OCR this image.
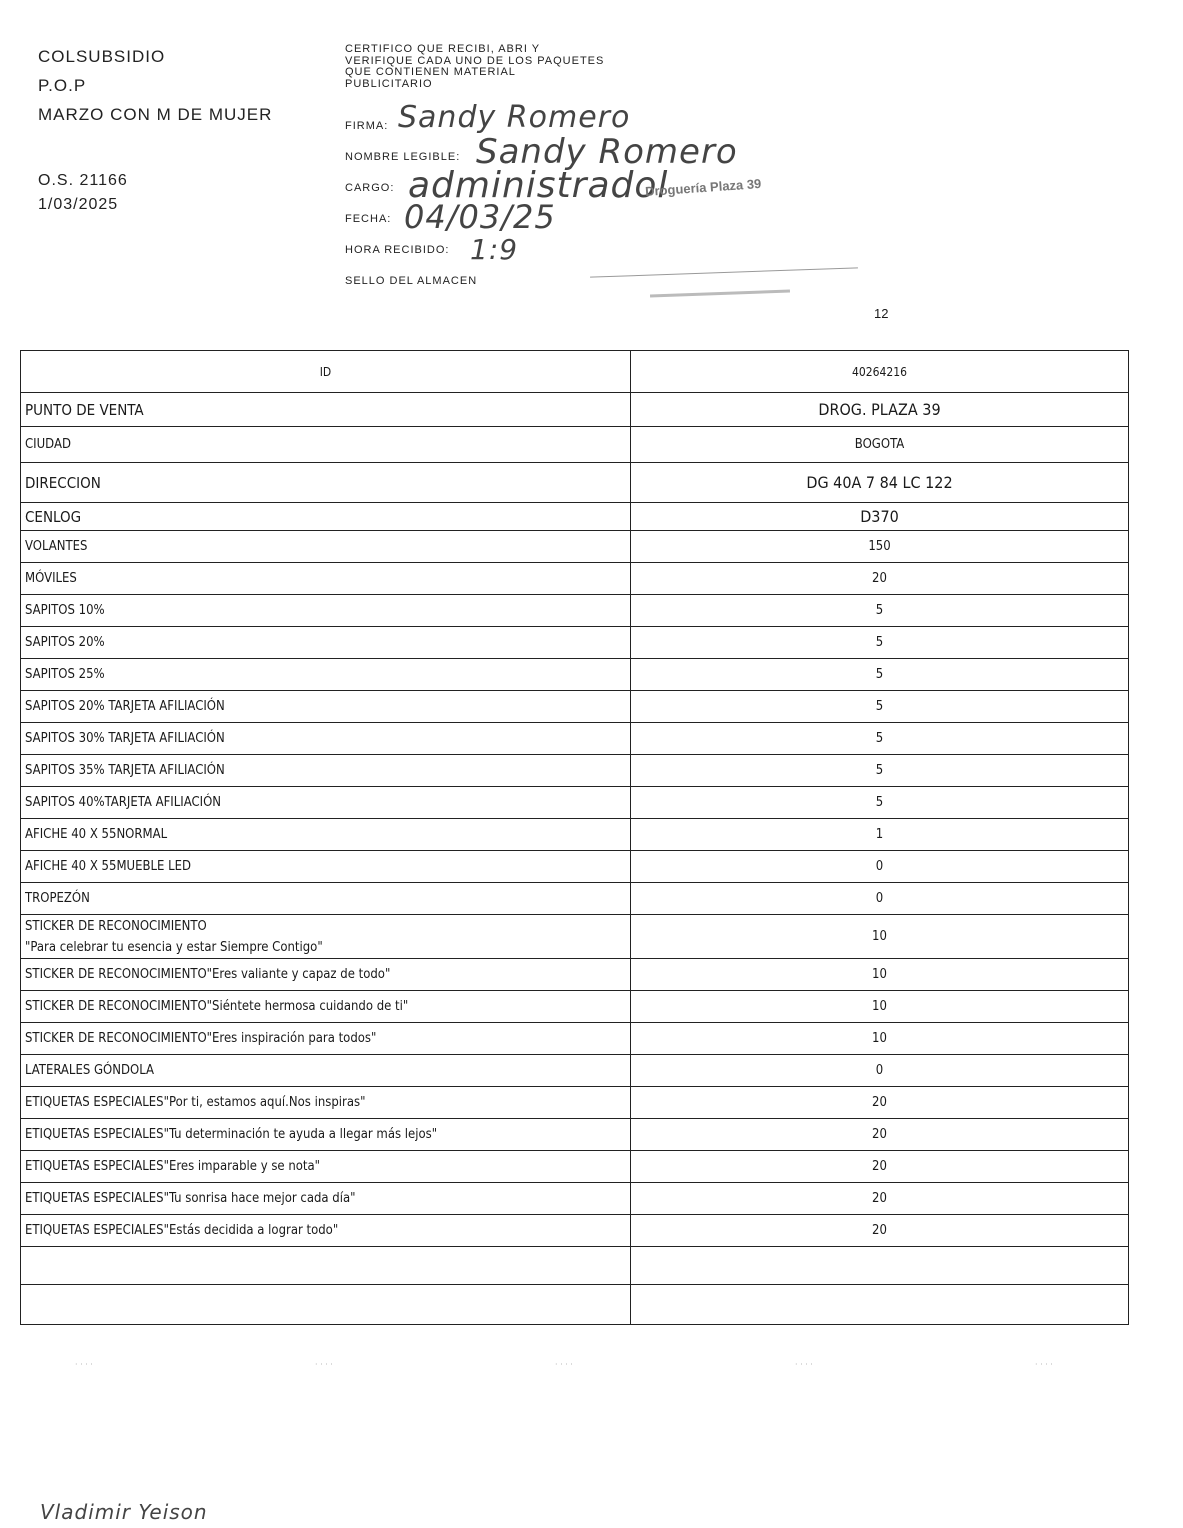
COLSUBSIDIO
P.O.P
MARZO CON M DE MUJER
O.S. 21166
1/03/2025
CERTIFICO QUE RECIBI, ABRI Y VERIFIQUE CADA UNO DE LOS PAQUETES QUE CONTIENEN MATERIAL PUBLICITARIO
FIRMA: Sandy Romero
NOMBRE LEGIBLE: Sandy Romero
CARGO: administradol
FECHA: 04/03/25
HORA RECIBIDO: 1:9
SELLO DEL ALMACEN
Droguería Plaza 39
12
ID	40264216
PUNTO DE VENTA	DROG. PLAZA 39
CIUDAD	BOGOTA
DIRECCION	DG 40A 7 84 LC 122
CENLOG	D370
VOLANTES	150
MÓVILES	20
SAPITOS 10%	5
SAPITOS 20%	5
SAPITOS 25%	5
SAPITOS 20% TARJETA AFILIACIÓN	5
SAPITOS 30% TARJETA AFILIACIÓN	5
SAPITOS 35% TARJETA AFILIACIÓN	5
SAPITOS 40%TARJETA AFILIACIÓN	5
AFICHE 40 X 55NORMAL	1
AFICHE 40 X 55MUEBLE LED	0
TROPEZÓN	0

STICKER DE RECONOCIMIENTO
"Para celebrar tu esencia y estar Siempre Contigo"	10
STICKER DE RECONOCIMIENTO"Eres valiante y capaz de todo"	10
STICKER DE RECONOCIMIENTO"Siéntete hermosa cuidando de ti"	10
STICKER DE RECONOCIMIENTO"Eres inspiración para todos"	10
LATERALES GÓNDOLA	0
ETIQUETAS ESPECIALES"Por ti, estamos aquí.Nos inspiras"	20
ETIQUETAS ESPECIALES"Tu determinación te ayuda a llegar más lejos"	20
ETIQUETAS ESPECIALES"Eres imparable y se nota"	20
ETIQUETAS ESPECIALES"Tu sonrisa hace mejor cada día"	20
ETIQUETAS ESPECIALES"Estás decidida a lograr todo"	20

Vladimir Yeison
· · · ·	· · · ·	· · · ·	· · · ·	· · · ·
